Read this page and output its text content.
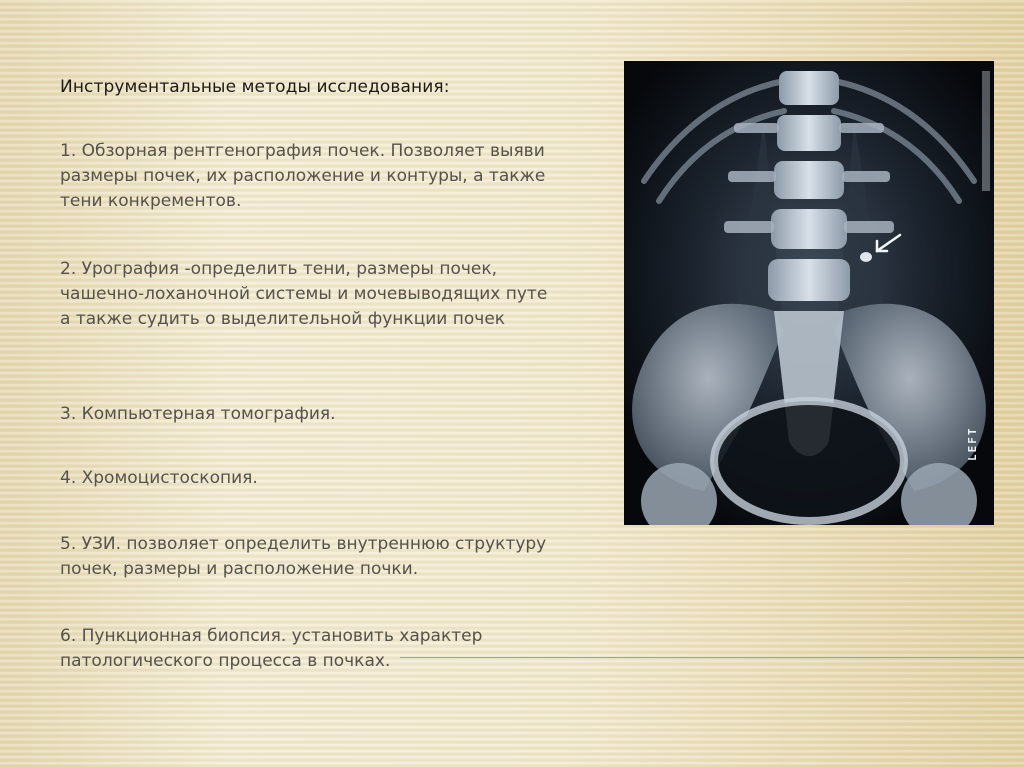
Инструментальные методы исследования:

1. Обзорная рентгенография почек. Позволяет выяви
размеры почек, их расположение и контуры, а также
тени конкрементов.

2. Урография -определить тени, размеры почек,
чашечно-лоханочной системы и мочевыводящих путе
а также судить о выделительной функции почек

3. Компьютерная томография.

4. Хромоцистоскопия.

5. УЗИ. позволяет определить внутреннюю структуру
почек, размеры и расположение почки.

6. Пункционная биопсия. установить характер
патологического процесса в почках.

LEFT
